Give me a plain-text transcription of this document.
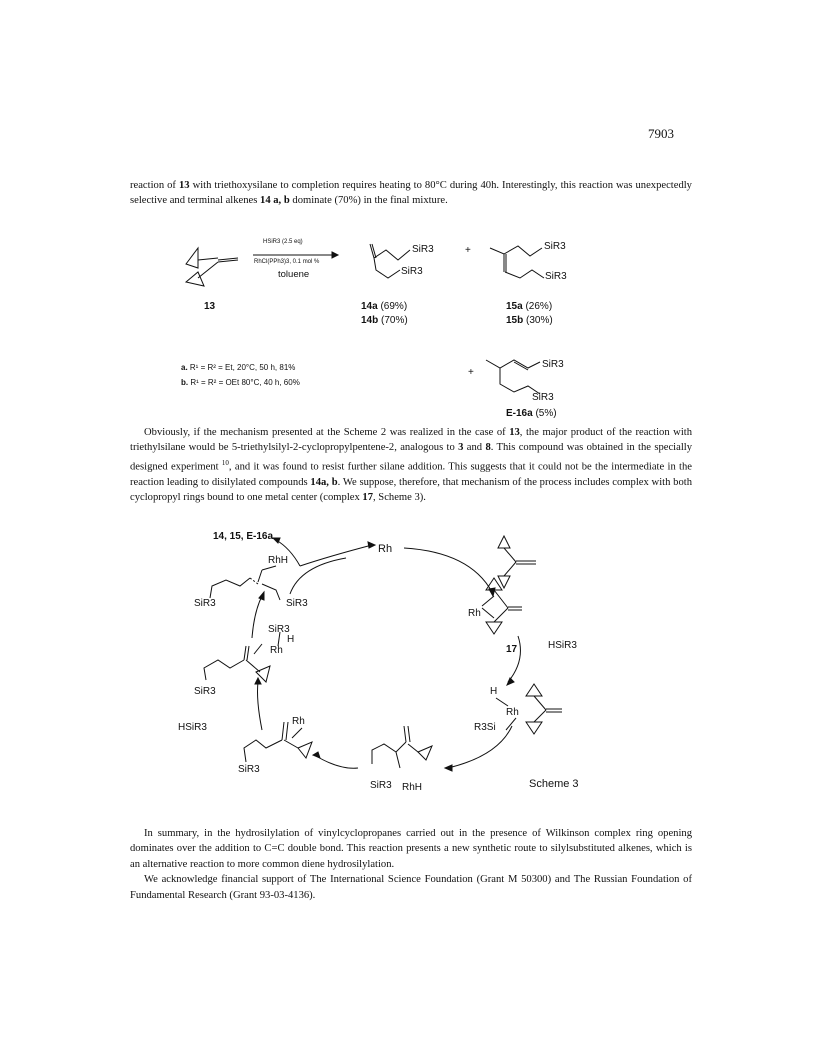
7903

reaction of 13 with triethoxysilane to completion requires heating to 80°C during 40h. Interestingly, this reaction was unexpectedly selective and terminal alkenes 14 a, b dominate (70%) in the final mixture.

HSiR3 (2.5 eq)
RhCl(PPh3)3, 0.1 mol %
toluene
SiR3
SiR3
+	SiR3
SiR3
13	14a (69%)
14b (70%)
15a (26%)
15b (30%)
a. R¹ = R² = Et, 20°C, 50 h, 81%
b. R¹ = R² = OEt 80°C, 40 h, 60%
+
SiR3
SiR3
E-16a (5%)

Obviously, if the mechanism presented at the Scheme 2 was realized in the case of 13, the major product of the reaction with triethylsilane would be 5-triethylsilyl-2-cyclopropylpentene-2, analogous to 3 and 8. This compound was obtained in the specially designed experiment $^{10}$, and it was found to resist further silane addition. This suggests that it could not be the intermediate in the reaction leading to disilylated compounds 14a, b. We suppose, therefore, that mechanism of the process includes complex with both cyclopropyl rings bound to one metal center (complex 17, Scheme 3).

14, 15, E-16a
RhH
Rh
SiR3	SiR3
Rh
17	HSiR3
SiR3
H
Rh
SiR3	H
Rh
R3Si
HSiR3
Rh
SiR3
SiR3 RhH	Scheme 3

In summary, in the hydrosilylation of vinylcyclopropanes carried out in the presence of Wilkinson complex ring opening dominates over the addition to C=C double bond. This reaction presents a new synthetic route to silylsubstituted alkenes, which is an alternative reaction to more common diene hydrosilylation.

We acknowledge financial support of The International Science Foundation (Grant M 50300) and The Russian Foundation of Fundamental Research (Grant 93-03-4136).
